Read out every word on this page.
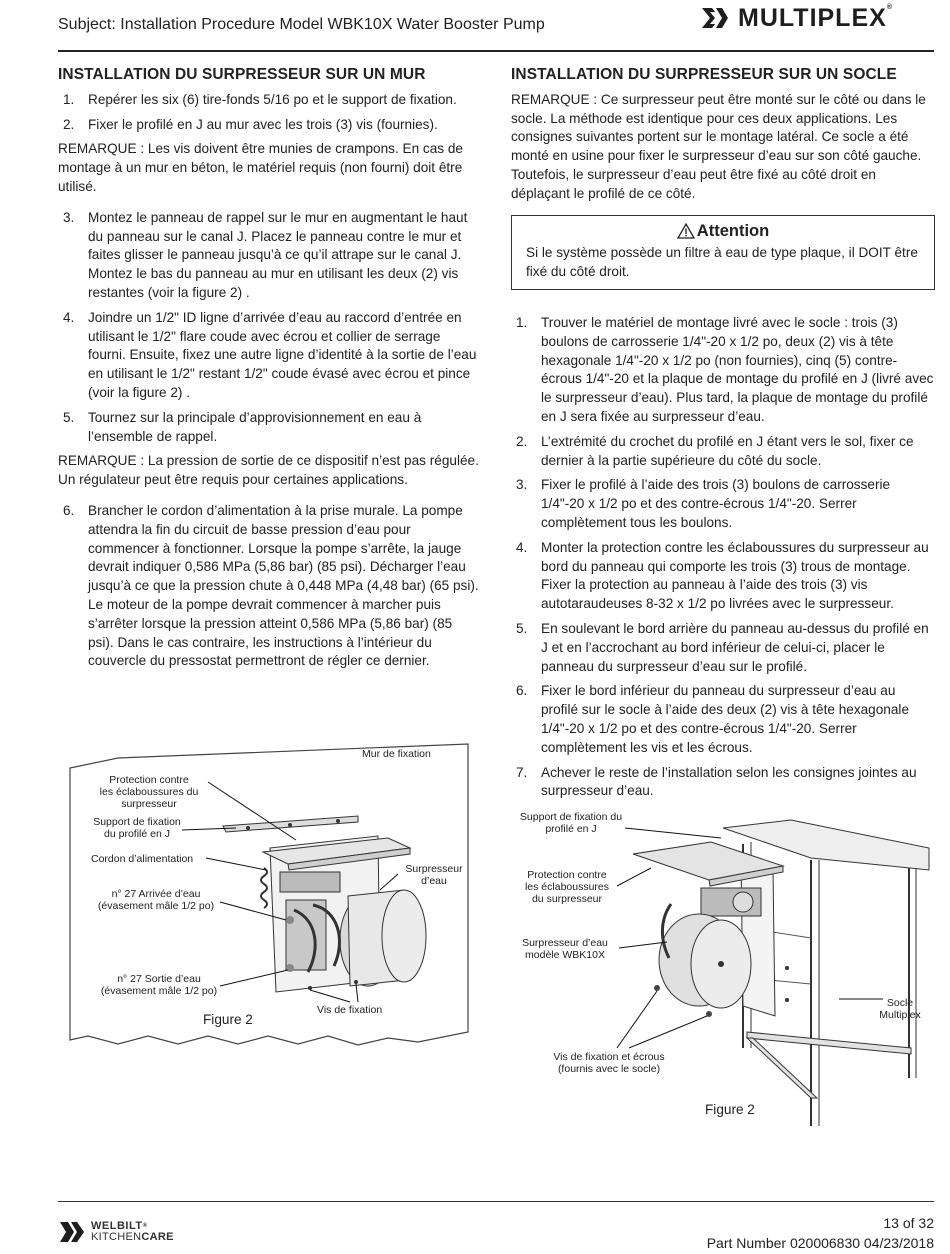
Subject: Installation Procedure Model WBK10X Water Booster Pump	MULTIPLEX®
INSTALLATION DU SURPRESSEUR SUR UN MUR
1.	Repérer les six (6) tire-fonds 5/16 po et le support de fixation.
2.	Fixer le profilé en J au mur avec les trois (3) vis (fournies).

REMARQUE : Les vis doivent être munies de crampons. En cas de montage à un mur en béton, le matériel requis (non fourni) doit être utilisé.

3.	Montez le panneau de rappel sur le mur en augmentant le haut du panneau sur le canal J. Placez le panneau contre le mur et faites glisser le panneau jusqu’à ce qu’il attrape sur le canal J. Montez le bas du panneau au mur en utilisant les deux (2) vis restantes (voir la figure 2) .
4.	Joindre un 1/2" ID ligne d’arrivée d’eau au raccord d’entrée en utilisant le 1/2" flare coude avec écrou et collier de serrage fourni. Ensuite, fixez une autre ligne d’identité à la sortie de l’eau en utilisant le 1/2" restant 1/2" coude évasé avec écrou et pince (voir la figure 2) .
5.	Tournez sur la principale d’approvisionnement en eau à l’ensemble de rappel.

REMARQUE : La pression de sortie de ce dispositif n’est pas régulée. Un régulateur peut être requis pour certaines applications.

6.	Brancher le cordon d’alimentation à la prise murale. La pompe attendra la fin du circuit de basse pression d’eau pour commencer à fonctionner. Lorsque la pompe s’arrête, la jauge devrait indiquer 0,586 MPa (5,86 bar) (85 psi). Décharger l’eau jusqu’à ce que la pression chute à 0,448 MPa (4,48 bar) (65 psi). Le moteur de la pompe devrait commencer à marcher puis s’arrêter lorsque la pression atteint 0,586 MPa (5,86 bar) (85 psi). Dans le cas contraire, les instructions à l’intérieur du couvercle du pressostat permettront de régler ce dernier.
Mur de fixation
Protection contre
les éclaboussures du
surpresseur
Support de fixation
du profilé en J
Cordon d’alimentation
n° 27 Arrivée d’eau
(évasement mâle 1/2 po)
n° 27 Sortie d’eau
(évasement mâle 1/2 po)
Vis de fixation
Surpresseur
d’eau
Figure 2
INSTALLATION DU SURPRESSEUR SUR UN SOCLE

REMARQUE : Ce surpresseur peut être monté sur le côté ou dans le socle. La méthode est identique pour ces deux applications. Les consignes suivantes portent sur le montage latéral. Ce socle a été monté en usine pour fixer le surpresseur d’eau sur son côté gauche. Toutefois, le surpresseur d’eau peut être fixé au côté droit en déplaçant le profilé de ce côté.

Attention
Si le système possède un filtre à eau de type plaque, il DOIT être fixé du côté droit.
1.	Trouver le matériel de montage livré avec le socle : trois (3) boulons de carrosserie 1/4"-20 x 1/2 po, deux (2) vis à tête hexagonale 1/4"-20 x 1/2 po (non fournies), cinq (5) contre-écrous 1/4"-20 et la plaque de montage du profilé en J (livré avec le surpresseur d’eau). Plus tard, la plaque de montage du profilé en J sera fixée au surpresseur d’eau.
2.	L’extrémité du crochet du profilé en J étant vers le sol, fixer ce dernier à la partie supérieure du côté du socle.
3.	Fixer le profilé à l’aide des trois (3) boulons de carrosserie 1/4"-20 x 1/2 po et des contre-écrous 1/4"-20. Serrer complètement tous les boulons.
4.	Monter la protection contre les éclaboussures du surpresseur au bord du panneau qui comporte les trois (3) trous de montage. Fixer la protection au panneau à l’aide des trois (3) vis autotaraudeuses 8-32 x 1/2 po livrées avec le surpresseur.
5.	En soulevant le bord arrière du panneau au-dessus du profilé en J et en l’accrochant au bord inférieur de celui-ci, placer le panneau du surpresseur d’eau sur le profilé.
6.	Fixer le bord inférieur du panneau du surpresseur d’eau au profilé sur le socle à l’aide des deux (2) vis à tête hexagonale 1/4"-20 x 1/2 po et des contre-écrous 1/4"-20. Serrer complètement les vis et les écrous.
7.	Achever le reste de l’installation selon les consignes jointes au surpresseur d’eau.
Support de fixation du
profilé en J
Protection contre
les éclaboussures
du surpresseur
Surpresseur d’eau
modèle WBK10X
Socle
Multiplex
Vis de fixation et écrous
(fournis avec le socle)
Figure 2
WELBILT®
KITCHENCARE
13 of 32
Part Number 020006830 04/23/2018
